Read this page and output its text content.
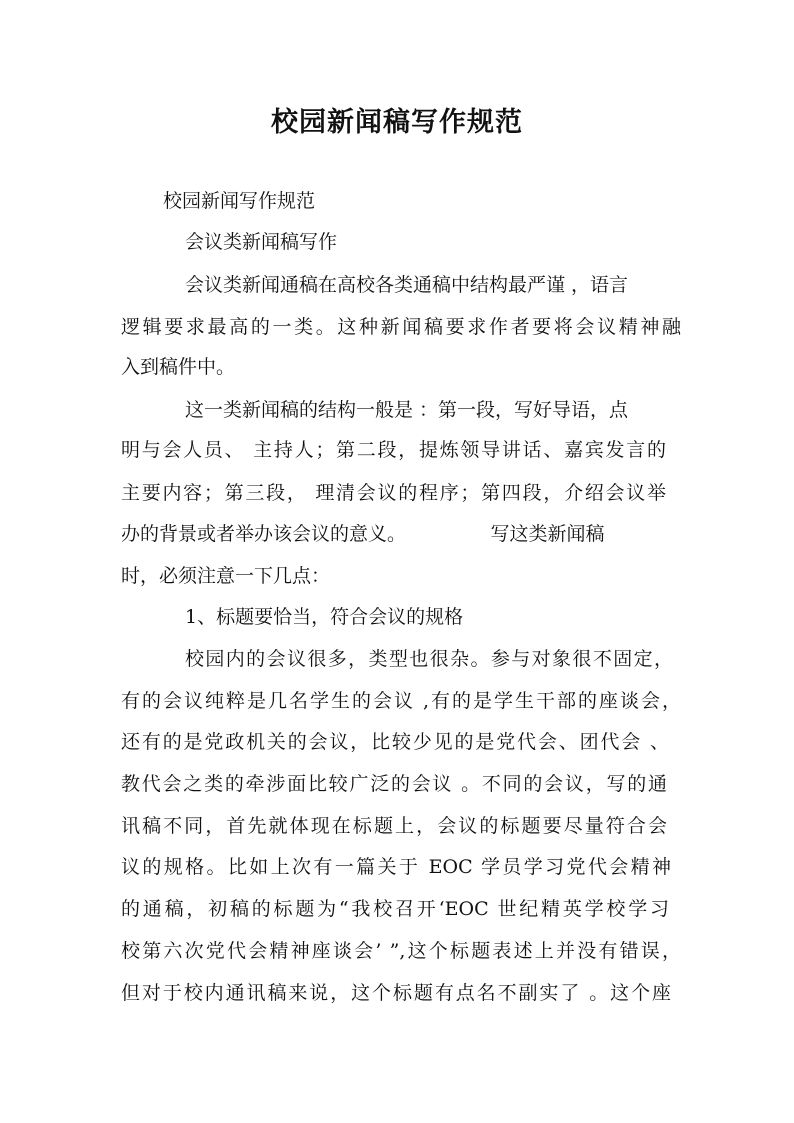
校园新闻稿写作规范

校园新闻写作规范

会议类新闻稿写作

会议类新闻通稿在高校各类通稿中结构最严谨 ，语言

逻辑要求最高的一类。这种新闻稿要求作者要将会议精神融

入到稿件中。

这一类新闻稿的结构一般是 ：第一段，写好导语，点

明与会人员、 主持人；第二段，提炼领导讲话、嘉宾发言的

主要内容；第三段， 理清会议的程序；第四段，介绍会议举

办的背景或者举办该会议的意义。              写这类新闻稿

时，必须注意一下几点：

1、标题要恰当，符合会议的规格

校园内的会议很多，类型也很杂。参与对象很不固定，

有的会议纯粹是几名学生的会议 ,有的是学生干部的座谈会，

还有的是党政机关的会议，比较少见的是党代会、团代会 、

教代会之类的牵涉面比较广泛的会议 。不同的会议，写的通

讯稿不同，首先就体现在标题上，会议的标题要尽量符合会

议的规格。比如上次有一篇关于 EOC 学员学习党代会精神

的通稿，初稿的标题为“我校召开‘EOC 世纪精英学校学习

校第六次党代会精神座谈会’ ”,这个标题表述上并没有错误，

但对于校内通讯稿来说，这个标题有点名不副实了 。这个座
